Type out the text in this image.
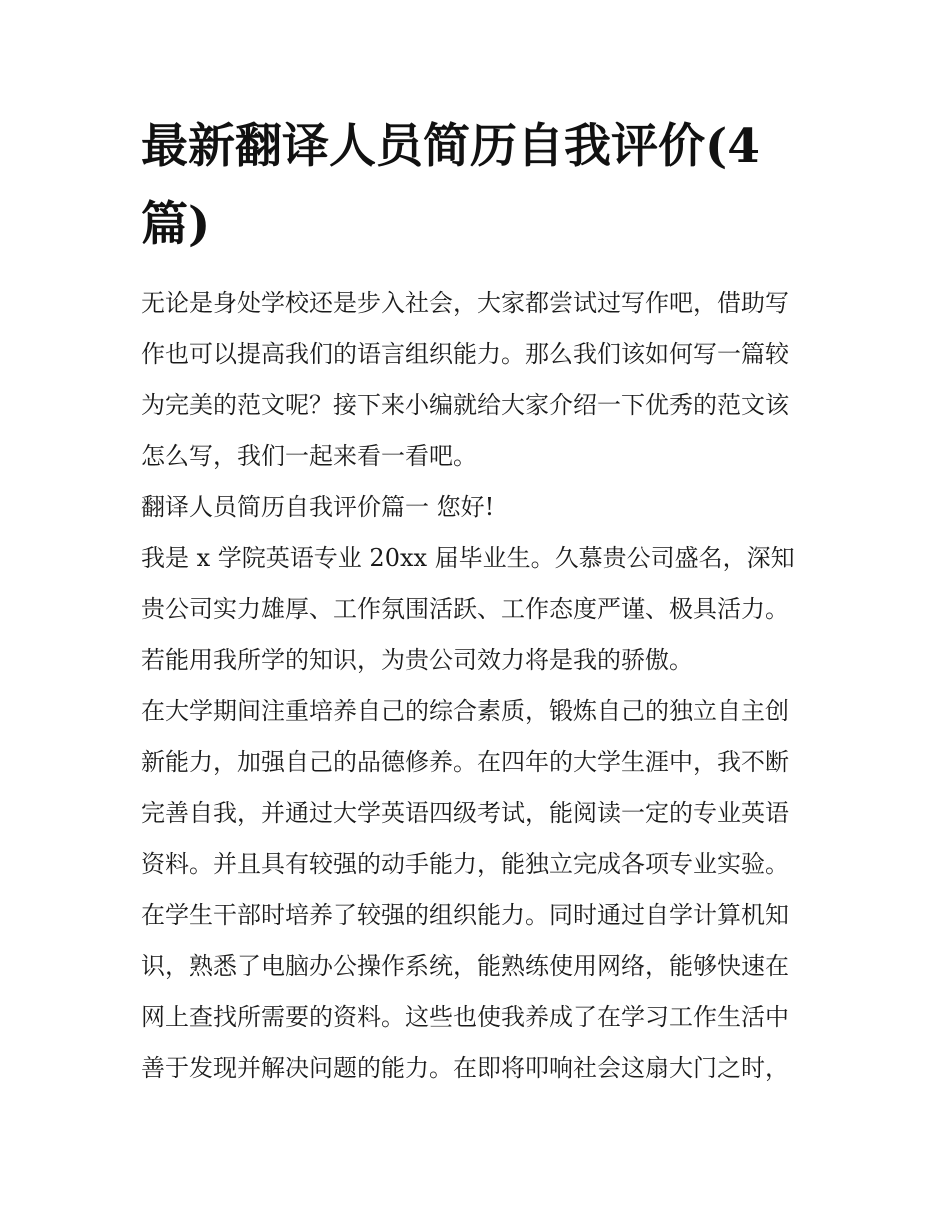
最新翻译人员简历自我评价(4篇)
无论是身处学校还是步入社会，大家都尝试过写作吧，借助写
作也可以提高我们的语言组织能力。那么我们该如何写一篇较
为完美的范文呢？接下来小编就给大家介绍一下优秀的范文该
怎么写，我们一起来看一看吧。
翻译人员简历自我评价篇一 您好!
我是 x 学院英语专业 20xx 届毕业生。久慕贵公司盛名，深知
贵公司实力雄厚、工作氛围活跃、工作态度严谨、极具活力。
若能用我所学的知识，为贵公司效力将是我的骄傲。
在大学期间注重培养自己的综合素质，锻炼自己的独立自主创
新能力，加强自己的品德修养。在四年的大学生涯中，我不断
完善自我，并通过大学英语四级考试，能阅读一定的专业英语
资料。并且具有较强的动手能力，能独立完成各项专业实验。
在学生干部时培养了较强的组织能力。同时通过自学计算机知
识，熟悉了电脑办公操作系统，能熟练使用网络，能够快速在
网上查找所需要的资料。这些也使我养成了在学习工作生活中
善于发现并解决问题的能力。在即将叩响社会这扇大门之时，
